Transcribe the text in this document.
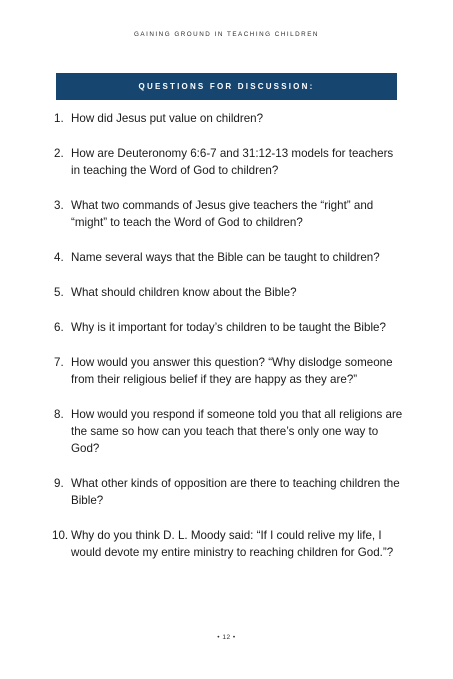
GAINING GROUND IN TEACHING CHILDREN
QUESTIONS FOR DISCUSSION:
1. How did Jesus put value on children?
2. How are Deuteronomy 6:6-7 and 31:12-13 models for teachers in teaching the Word of God to children?
3. What two commands of Jesus give teachers the “right” and “might” to teach the Word of God to children?
4. Name several ways that the Bible can be taught to children?
5. What should children know about the Bible?
6. Why is it important for today’s children to be taught the Bible?
7. How would you answer this question? “Why dislodge someone from their religious belief if they are happy as they are?”
8. How would you respond if someone told you that all religions are the same so how can you teach that there’s only one way to God?
9. What other kinds of opposition are there to teaching children the Bible?
10. Why do you think D. L. Moody said: “If I could relive my life, I would devote my entire ministry to reaching children for God.”?
• 12 •
